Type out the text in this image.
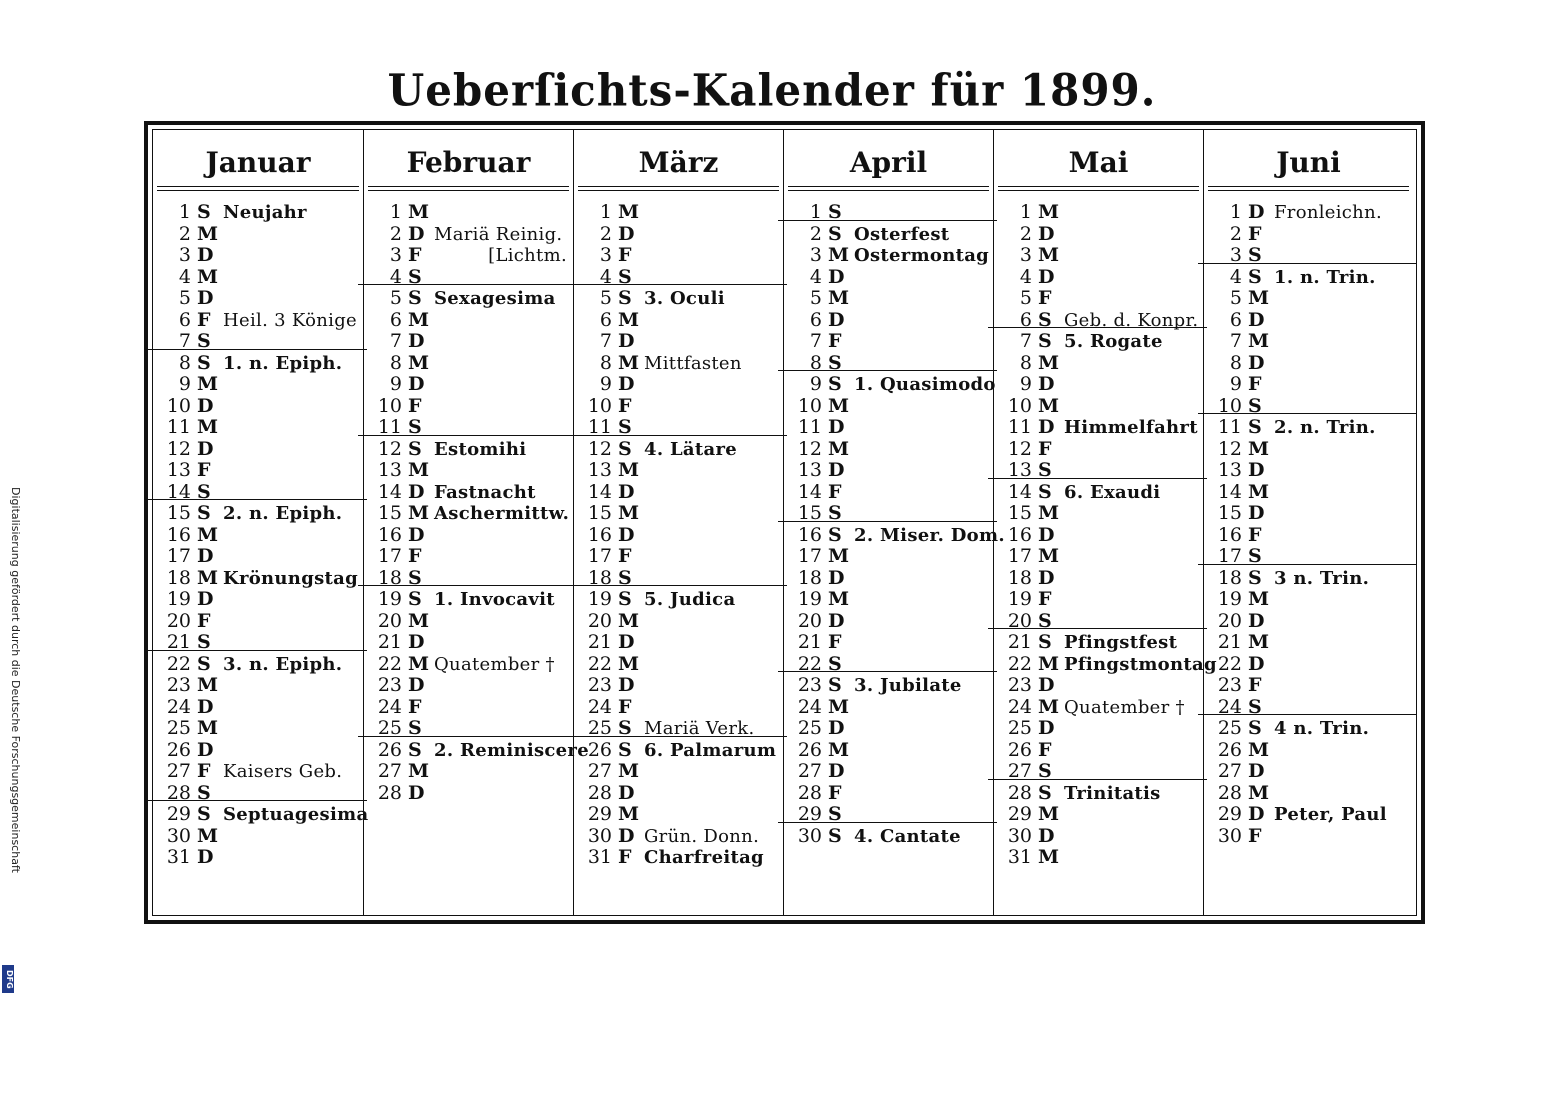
Ueberſichts-Kalender für 1899.
Januar
1 S Neujahr
2 M
3 D
4 M
5 D
6 F Heil. 3 Könige
7 S
8 S 1. n. Epiph.
9 M
10 D
11 M
12 D
13 F
14 S
15 S 2. n. Epiph.
16 M
17 D
18 M Krönungstag
19 D
20 F
21 S
22 S 3. n. Epiph.
23 M
24 D
25 M
26 D
27 F Kaisers Geb.
28 S
29 S Septuagesima
30 M
31 D
Februar
1 M
2 D Mariä Reinig.
3 F	[Lichtm.
4 S
5 S Sexagesima
6 M
7 D
8 M
9 D
10 F
11 S
12 S Estomihi
13 M
14 D Fastnacht
15 M Aschermittw.
16 D
17 F
18 S
19 S 1. Invocavit
20 M
21 D
22 M Quatember †
23 D
24 F
25 S
26 S 2. Reminiscere
27 M
28 D
März
1 M
2 D
3 F
4 S
5 S 3. Oculi
6 M
7 D
8 M Mittfasten
9 D
10 F
11 S
12 S 4. Lätare
13 M
14 D
15 M
16 D
17 F
18 S
19 S 5. Judica
20 M
21 D
22 M
23 D
24 F
25 S Mariä Verk.
26 S 6. Palmarum
27 M
28 D
29 M
30 D Grün. Donn.
31 F Charfreitag
April
1 S
2 S Osterfest
3 M Ostermontag
4 D
5 M
6 D
7 F
8 S
9 S 1. Quasimodo
10 M
11 D
12 M
13 D
14 F
15 S
16 S 2. Miser. Dom.
17 M
18 D
19 M
20 D
21 F
22 S
23 S 3. Jubilate
24 M
25 D
26 M
27 D
28 F
29 S
30 S 4. Cantate
Mai
1 M
2 D
3 M
4 D
5 F
6 S Geb. d. Konpr.
7 S 5. Rogate
8 M
9 D
10 M
11 D Himmelfahrt
12 F
13 S
14 S 6. Exaudi
15 M
16 D
17 M
18 D
19 F
20 S
21 S Pfingstfest
22 M Pfingstmontag
23 D
24 M Quatember †
25 D
26 F
27 S
28 S Trinitatis
29 M
30 D
31 M
Juni
1 D Fronleichn.
2 F
3 S
4 S 1. n. Trin.
5 M
6 D
7 M
8 D
9 F
10 S
11 S 2. n. Trin.
12 M
13 D
14 M
15 D
16 F
17 S
18 S 3 n. Trin.
19 M
20 D
21 M
22 D
23 F
24 S
25 S 4 n. Trin.
26 M
27 D
28 M
29 D Peter, Paul
30 F
Digitalisierung gefördert durch die Deutsche Forschungsgemeinschaft
DFG
